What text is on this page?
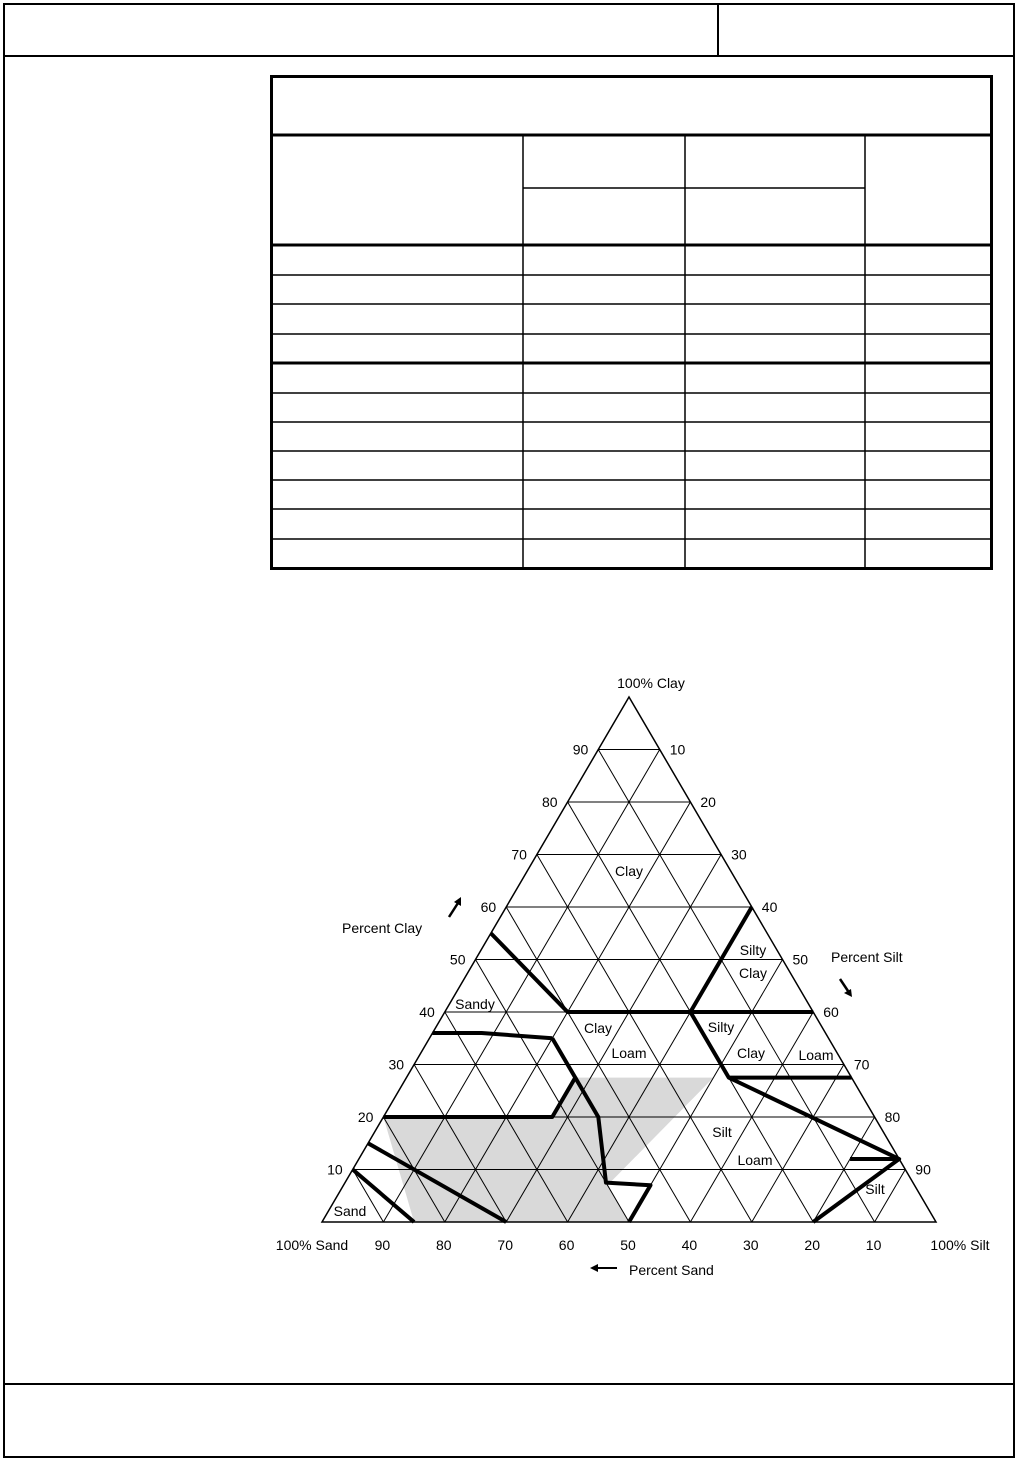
90	10
90
80	20
80
70	30
70
60	40
60
50	50
50
40	60
40
30	70
30
20	80
20
10	90
10
100% Clay
100% Sand	100% Silt
Percent Clay
Percent Silt
Percent Sand
Clay
Silty
Clay
Sandy
Clay
Loam
Silty
Clay Loam
Silt
Loam
Silt
Sand
